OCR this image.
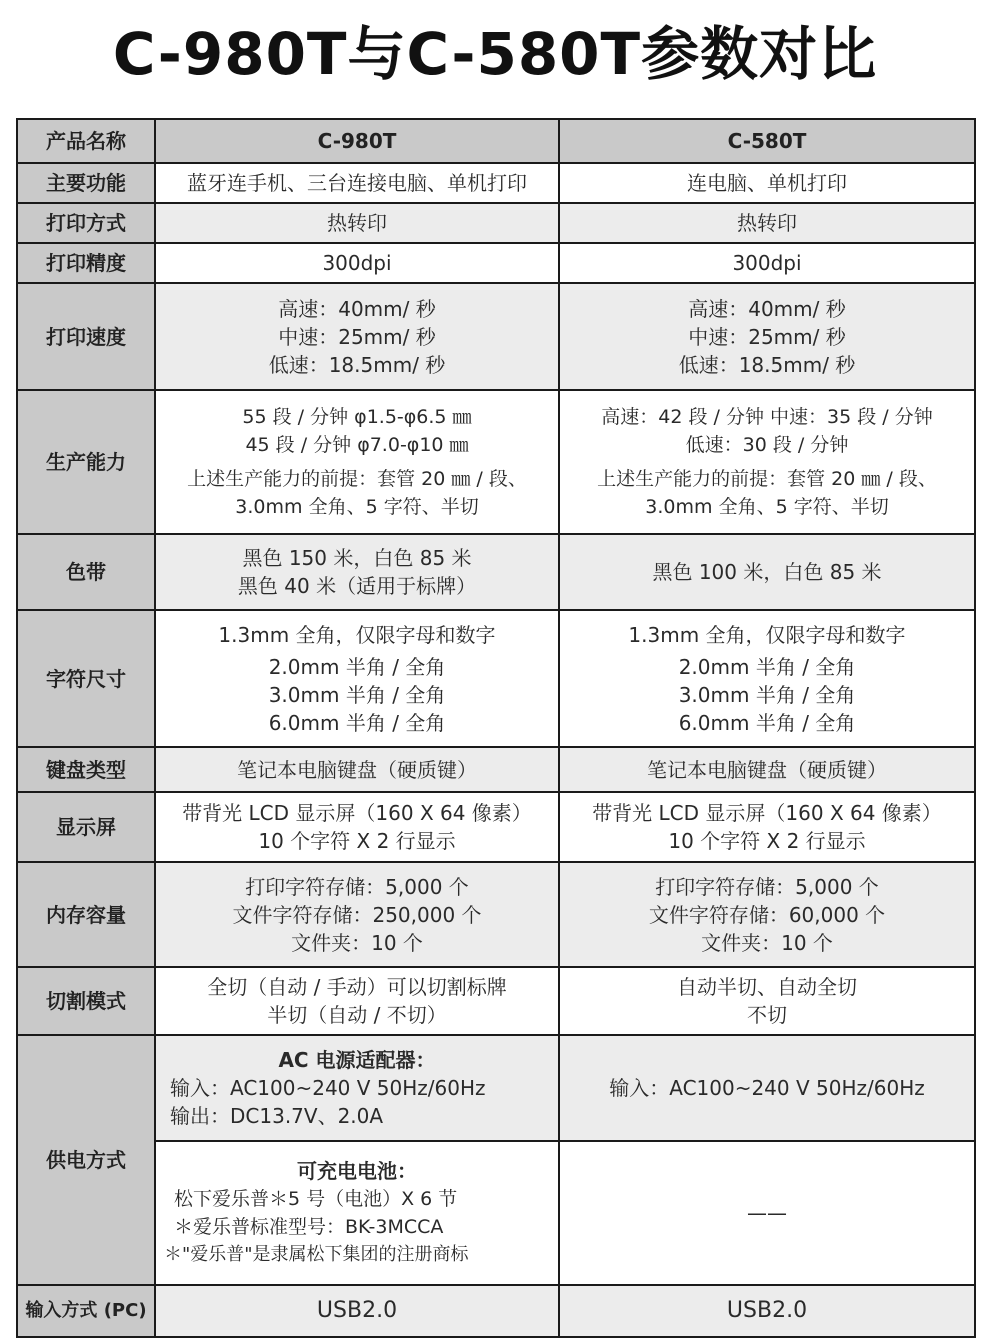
C-980T与C-580T参数对比
产品名称	C-980T	C-580T
主要功能	蓝牙连手机、三台连接电脑、单机打印	连电脑、单机打印

打印方式	热转印	热转印

打印精度	300dpi	300dpi

打印速度	高速：40mm/ 秒
中速：25mm/ 秒
低速：18.5mm/ 秒	高速：40mm/ 秒
中速：25mm/ 秒
低速：18.5mm/ 秒

生产能力	55 段 / 分钟 φ1.5-φ6.5 ㎜
45 段 / 分钟 φ7.0-φ10 ㎜
上述生产能力的前提：套管 20 ㎜ / 段、
3.0mm 全角、5 字符、半切	高速：42 段 / 分钟 中速：35 段 / 分钟
低速：30 段 / 分钟
上述生产能力的前提：套管 20 ㎜ / 段、
3.0mm 全角、5 字符、半切

色带	黑色 150 米，白色 85 米
黑色 40 米（适用于标牌）	黑色 100 米，白色 85 米

字符尺寸	1.3mm 全角，仅限字母和数字
2.0mm 半角 / 全角
3.0mm 半角 / 全角
6.0mm 半角 / 全角	1.3mm 全角，仅限字母和数字
2.0mm 半角 / 全角
3.0mm 半角 / 全角
6.0mm 半角 / 全角

键盘类型	笔记本电脑键盘（硬质键）	笔记本电脑键盘（硬质键）

显示屏	带背光 LCD 显示屏（160 X 64 像素）
10 个字符 X 2 行显示	带背光 LCD 显示屏（160 X 64 像素）
10 个字符 X 2 行显示

内存容量	打印字符存储：5,000 个
文件字符存储：250,000 个
文件夹：10 个	打印字符存储：5,000 个
文件字符存储：60,000 个
文件夹：10 个

切割模式	全切（自动 / 手动）可以切割标牌
半切（自动 / 不切）	自动半切、自动全切
不切

供电方式	AC 电源适配器：
输入：AC100~240 V 50Hz/60Hz
输出：DC13.7V、2.0A	输入：AC100~240 V 50Hz/60Hz

	可充电电池：
松下爱乐普＊5 号（电池）X 6 节
＊爱乐普标准型号：BK-3MCCA
＊"爱乐普"是隶属松下集团的注册商标	——

输入方式 (PC)	USB2.0	USB2.0
